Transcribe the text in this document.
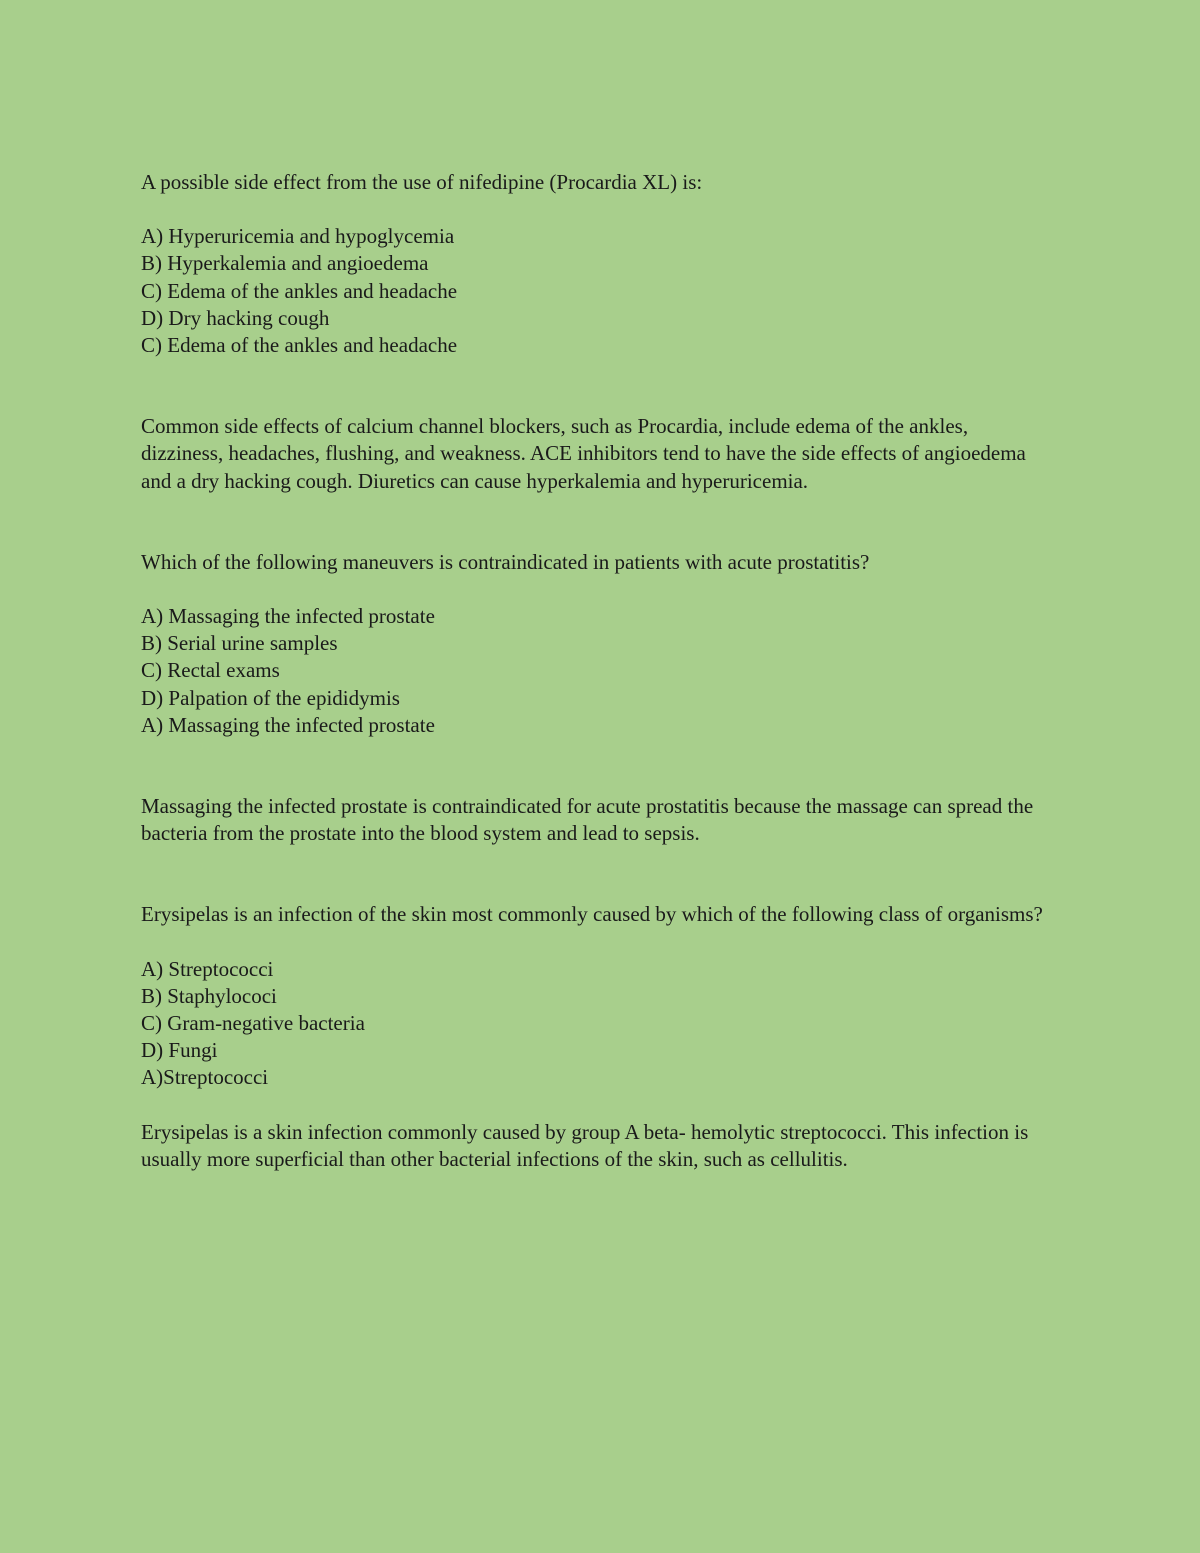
A possible side effect from the use of nifedipine (Procardia XL) is:

A) Hyperuricemia and hypoglycemia
B) Hyperkalemia and angioedema
C) Edema of the ankles and headache
D) Dry hacking cough

C) Edema of the ankles and headache

Common side effects of calcium channel blockers, such as Procardia, include edema of the ankles, dizziness, headaches, flushing, and weakness. ACE inhibitors tend to have the side effects of angioedema and a dry hacking cough. Diuretics can cause hyperkalemia and hyperuricemia.

Which of the following maneuvers is contraindicated in patients with acute prostatitis?

A) Massaging the infected prostate
B) Serial urine samples
C) Rectal exams
D) Palpation of the epididymis

A) Massaging the infected prostate

Massaging the infected prostate is contraindicated for acute prostatitis because the massage can spread the bacteria from the prostate into the blood system and lead to sepsis.

Erysipelas is an infection of the skin most commonly caused by which of the following class of organisms?

A) Streptococci
B) Staphylococi
C) Gram-negative bacteria
D) Fungi

A)Streptococci

Erysipelas is a skin infection commonly caused by group A beta- hemolytic streptococci. This infection is usually more superficial than other bacterial infections of the skin, such as cellulitis.
